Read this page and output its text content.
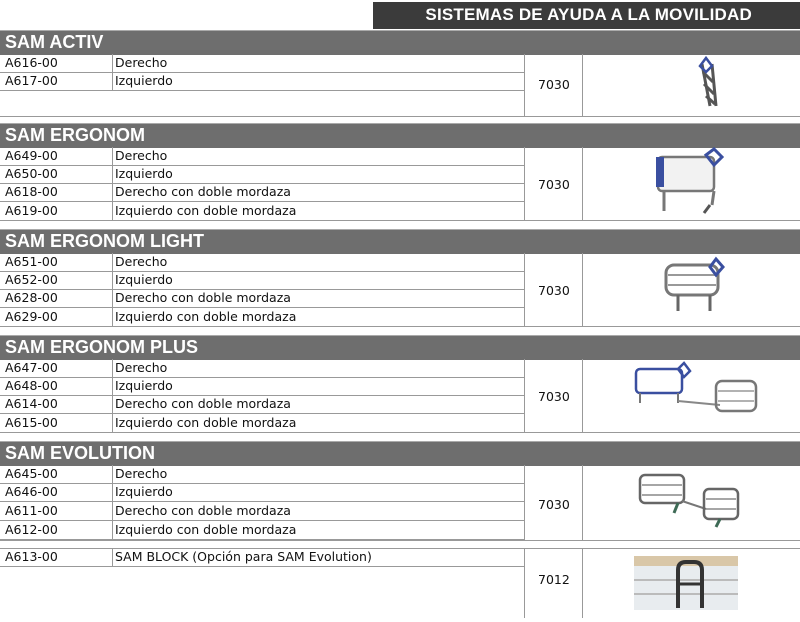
SISTEMAS DE AYUDA A LA MOVILIDAD
SAM ACTIV
A616-00	Derecho
A617-00	Izquierdo	7030
SAM ERGONOM
A649-00	Derecho
A650-00	Izquierdo
A618-00	Derecho con doble mordaza
A619-00	Izquierdo con doble mordaza
7030
SAM ERGONOM LIGHT
A651-00	Derecho
A652-00	Izquierdo
A628-00	Derecho con doble mordaza
A629-00	Izquierdo con doble mordaza
7030
SAM ERGONOM PLUS
A647-00	Derecho
A648-00	Izquierdo
A614-00	Derecho con doble mordaza
A615-00	Izquierdo con doble mordaza
7030
SAM EVOLUTION
A645-00	Derecho
A646-00	Izquierdo
A611-00	Derecho con doble mordaza
A612-00	Izquierdo con doble mordaza
7030
A613-00	SAM BLOCK (Opción para SAM Evolution)
7012
